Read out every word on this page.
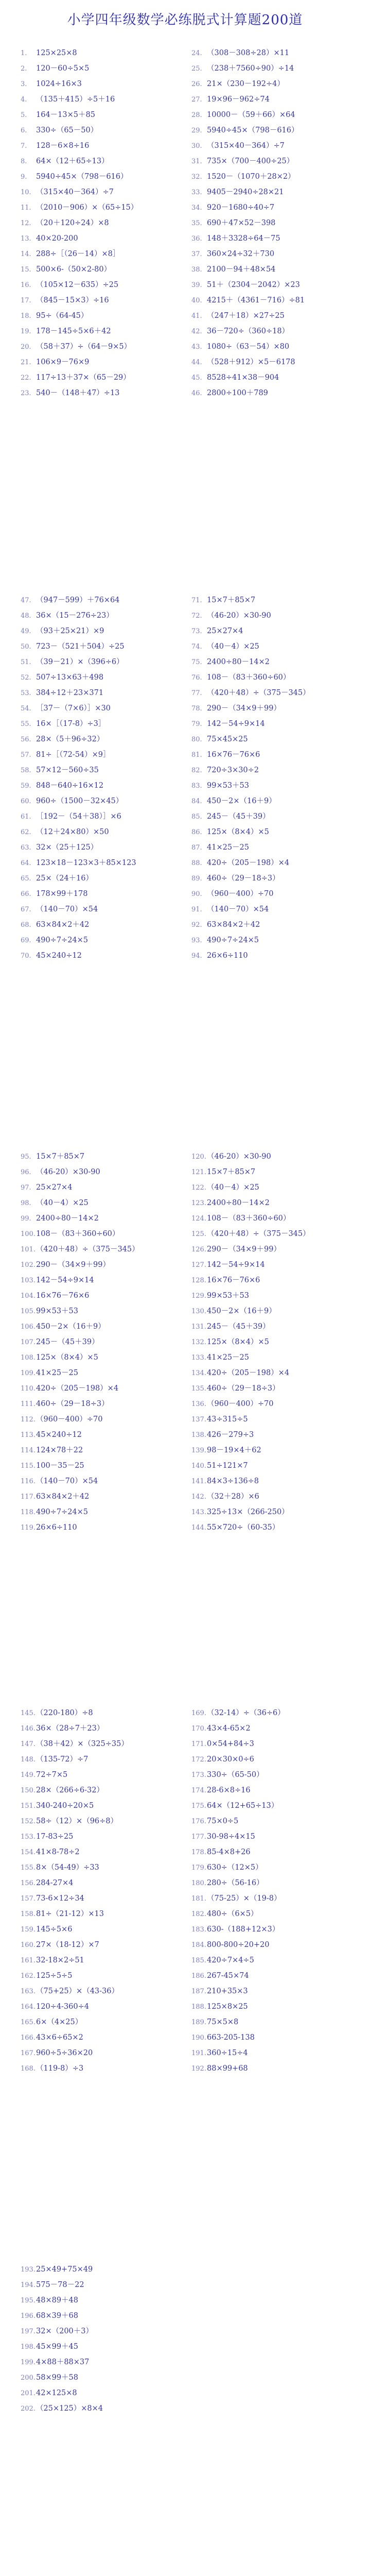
小学四年级数学必练脱式计算题200道
1. 125×25×8
2. 120－60÷5×5
3. 1024÷16×3
4. （135＋415）÷5＋16
5. 164－13×5＋85
6. 330÷（65－50）
7. 128－6×8÷16
8. 64×（12＋65÷13）
9. 5940÷45×（798－616）
10. （315×40－364）÷7
11. （2010－906）×（65÷15）
12. （20＋120÷24）×8
13. 40×20-200
14. 288÷［（26－14）×8］
15. 500×6-（50×2-80）
16. （105×12－635）÷25
17. （845－15×3）÷16
18. 95÷（64-45）
19. 178－145÷5×6＋42
20. （58＋37）÷（64－9×5）
21. 106×9－76×9
22. 117÷13＋37×（65－29）
23. 540－（148＋47）÷13
24. （308－308÷28）×11
25. （238＋7560÷90）÷14
26. 21×（230－192÷4）
27. 19×96－962÷74
28. 10000－（59＋66）×64
29. 5940÷45×（798－616）
30. （315×40－364）÷7
31. 735×（700－400÷25）
32. 1520－（1070＋28×2）
33. 9405－2940÷28×21
34. 920－1680÷40÷7
35. 690＋47×52－398
36. 148＋3328÷64－75
37. 360×24÷32＋730
38. 2100－94＋48×54
39. 51＋（2304－2042）×23
40. 4215＋（4361－716）÷81
41. （247＋18）×27÷25
42. 36－720÷（360÷18）
43. 1080÷（63－54）×80
44. （528＋912）×5－6178
45. 8528÷41×38－904
46. 2800÷100＋789
47. （947－599）＋76×64
48. 36×（15－276÷23）
49. （93＋25×21）×9
50. 723－（521＋504）÷25
51. （39－21）×（396÷6）
52. 507÷13×63＋498
53. 384÷12＋23×371
54. ［37－（7×6）］×30
55. 16×［（17-8）÷3］
56. 28×（5＋96÷32）
57. 81÷［（72-54）×9］
58. 57×12－560÷35
59. 848－640÷16×12
60. 960÷（1500－32×45）
61. ［192－（54＋38）］×6
62. （12＋24×80）×50
63. 32×（25＋125）
64. 123×18－123×3＋85×123
65. 25×（24＋16）
66. 178×99＋178
67. （140－70）×54
68. 63×84×2＋42
69. 490÷7÷24×5
70. 45×240÷12
71. 15×7＋85×7
72. （46-20）×30-90
73. 25×27×4
74. （40－4）×25
75. 2400÷80－14×2
76. 108－（83＋360÷60）
77. （420＋48）÷（375－345）
78. 290－（34×9＋99）
79. 142－54÷9×14
80. 75×45×25
81. 16×76－76×6
82. 720÷3×30÷2
83. 99×53＋53
84. 450－2×（16＋9）
85. 245－（45＋39）
86. 125×（8×4）×5
87. 41×25－25
88. 420÷（205－198）×4
89. 460÷（29－18÷3）
90. （960－400）÷70
91. （140－70）×54
92. 63×84×2＋42
93. 490÷7÷24×5
94. 26×6÷110
95. 15×7＋85×7
96. （46-20）×30-90
97. 25×27×4
98. （40－4）×25
99. 2400÷80－14×2
100.108－（83＋360÷60）
101.（420＋48）÷（375－345）
102.290－（34×9＋99）
103.142－54÷9×14
104.16×76－76×6
105.99×53＋53
106.450－2×（16＋9）
107.245－（45＋39）
108.125×（8×4）×5
109.41×25－25
110.420÷（205－198）×4
111.460÷（29－18÷3）
112.（960－400）÷70
113.45×240÷12
114.124×78＋22
115.100－35－25
116.（140－70）×54
117.63×84×2＋42
118.490÷7÷24×5
119.26×6÷110
120.（46-20）×30-90
121.15×7＋85×7
122.（40－4）×25
123.2400÷80－14×2
124.108－（83＋360÷60）
125.（420＋48）÷（375－345）
126.290－（34×9＋99）
127.142－54÷9×14
128.16×76－76×6
129.99×53＋53
130.450－2×（16＋9）
131.245－（45＋39）
132.125×（8×4）×5
133.41×25－25
134.420÷（205－198）×4
135.460÷（29－18÷3）
136.（960－400）÷70
137.43÷315÷5
138.426－279÷3
139.98－19×4＋62
140.51÷121×7
141.84×3÷136÷8
142.（32＋28）×6
143.325÷13×（266-250）
144.55×720÷（60-35）
145.（220-180）÷8
146.36×（28÷7＋23）
147.（38＋42）×（325÷35）
148.（135-72）÷7
149.72÷7×5
150.28×（266÷6-32）
151.340-240÷20×5
152.58÷（12）×（96÷8）
153.17-83÷25
154.41×8-78÷2
155.8×（54-49）÷33
156.284-27×4
157.73-6×12÷34
158.81÷（21-12）×13
159.145÷5×6
160.27×（18-12）×7
161.32-18×2÷51
162.125÷5÷5
163.（75+25）×（43-36）
164.120÷4-360÷4
165.6×（4×25）
166.43×6÷65×2
167.960÷5÷36×20
168.（119-8）÷3
169.（32-14）÷（36÷6）
170.43×4-65×2
171.0×54+84÷3
172.20×30×0÷6
173.330÷（65-50）
174.28-6×8÷16
175.64×（12+65÷13）
176.75×0÷5
177.30-98÷4×15
178.85-4×8+26
179.630÷（12×5）
180.280÷（56-16）
181.（75-25）×（19-8）
182.480÷（6×5）
183.630-（188+12×3）
184.800-800÷20+20
185.420÷7×4÷5
186.267-45×74
187.210+35×3
188.125×8×25
189.75×5×8
190.663-205-138
191.360÷15÷4
192.88×99+68
193.25×49+75×49
194.575－78－22
195.48×89＋48
196.68×39＋68
197.32×（200＋3）
198.45×99＋45
199.4×88＋88×37
200.58×99＋58
201.42×125×8
202.（25×125）×8×4
